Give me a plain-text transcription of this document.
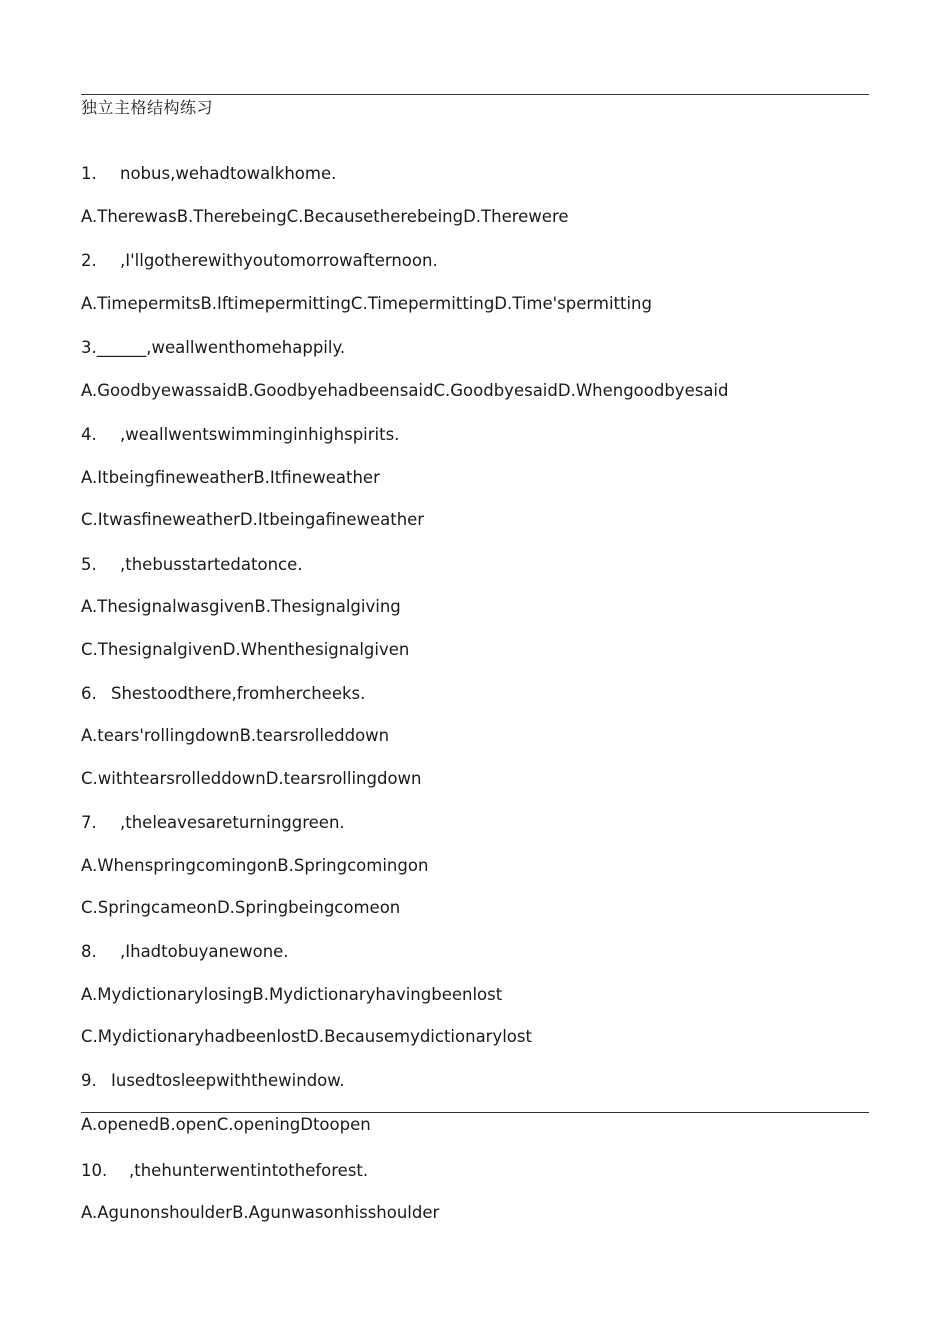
独立主格结构练习
1. nobus,wehadtowalkhome.
A.TherewasB.TherebeingC.BecausetherebeingD.Therewere
2. ,I'llgotherewithyoutomorrowafternoon.
A.TimepermitsB.IftimepermittingC.TimepermittingD.Time'spermitting
3.______,weallwenthomehappily.
A.GoodbyewassaidB.GoodbyehadbeensaidC.GoodbyesaidD.Whengoodbyesaid
4. ,weallwentswimminginhighspirits.
A.ItbeingfineweatherB.Itfineweather
C.ItwasfineweatherD.Itbeingafineweather
5. ,thebusstartedatonce.
A.ThesignalwasgivenB.Thesignalgiving
C.ThesignalgivenD.Whenthesignalgiven
6. Shestoodthere,fromhercheeks.
A.tears'rollingdownB.tearsrolleddown
C.withtearsrolleddownD.tearsrollingdown
7. ,theleavesareturninggreen.
A.WhenspringcomingonB.Springcomingon
C.SpringcameonD.Springbeingcomeon
8. ,Ihadtobuyanewone.
A.MydictionarylosingB.Mydictionaryhavingbeenlost
C.MydictionaryhadbeenlostD.Becausemydictionarylost
9. Iusedtosleepwiththewindow.
A.openedB.openC.openingDtoopen
10. ,thehunterwentintotheforest.
A.AgunonshoulderB.Agunwasonhisshoulder
